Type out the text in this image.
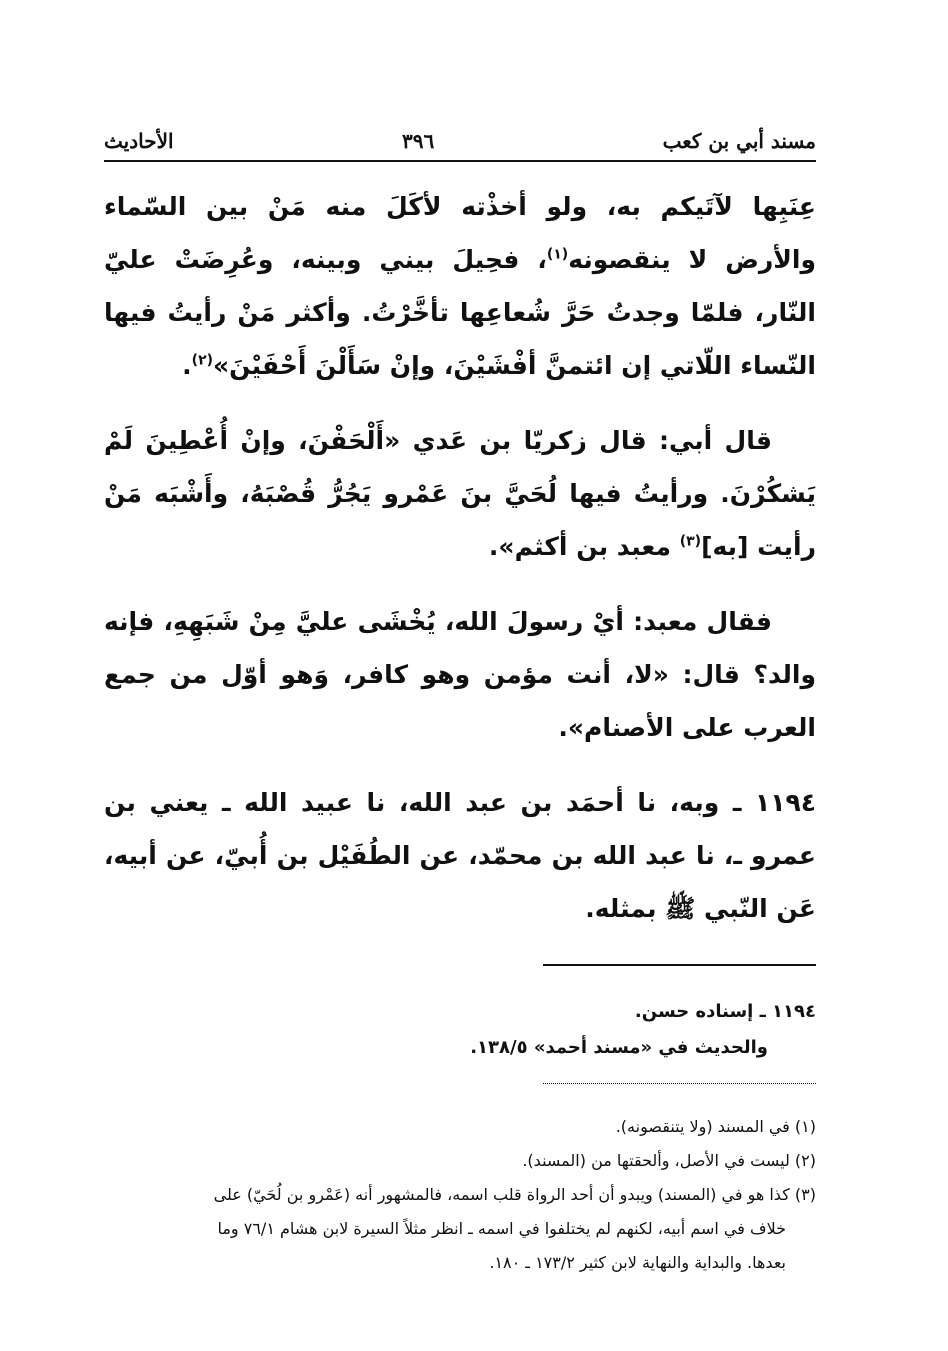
مسند أبي بن كعب
٣٩٦
الأحاديث

عِنَبِها لآتَيكم به، ولو أخذْته لأكَلَ منه مَنْ بين السّماء والأرض لا ينقصونه$^{(١)}$، فحِيلَ بيني وبينه، وعُرِضَتْ عليّ النّار، فلمّا وجدتُ حَرَّ شُعاعِها تأخَّرْتُ. وأكثر مَنْ رأيتُ فيها النّساء اللّاتي إن ائتمنَّ أفْشَيْنَ، وإنْ سَأَلْنَ أَحْفَيْنَ»$^{(٢)}$.

قال أبي: قال زكريّا بن عَدي «أَلْحَفْنَ، وإنْ أُعْطِينَ لَمْ يَشكُرْنَ. ورأيتُ فيها لُحَيَّ بنَ عَمْرو يَجُرُّ قُصْبَهُ، وأَشْبَه مَنْ رأيت [به]$^{(٣)}$ معبد بن أكثم».

فقال معبد: أيْ رسولَ الله، يُخْشَى عليَّ مِنْ شَبَهِهِ، فإنه والد؟ قال: «لا، أنت مؤمن وهو كافر، وَهو أوّل من جمع العرب على الأصنام».

١١٩٤ ـ وبه، نا أحمَد بن عبد الله، نا عبيد الله ـ يعني بن عمرو ـ، نا عبد الله بن محمّد، عن الطُفَيْل بن أُبيّ، عن أبيه، عَن النّبي ﷺ بمثله.

١١٩٤ ـ إسناده حسن.

والحديث في «مسند أحمد» ١٣٨/٥.

(١) في المسند (ولا يتنقصونه).

(٢) ليست في الأصل، وألحقتها من (المسند).

(٣) كذا هو في (المسند) ويبدو أن أحد الرواة قلب اسمه، فالمشهور أنه (عَمْرو بن لُحَيّ) على

خلاف في اسم أبيه، لكنهم لم يختلفوا في اسمه ـ انظر مثلاً السيرة لابن هشام ٧٦/١ وما

بعدها. والبداية والنهاية لابن كثير ١٧٣/٢ ـ ١٨٠.
